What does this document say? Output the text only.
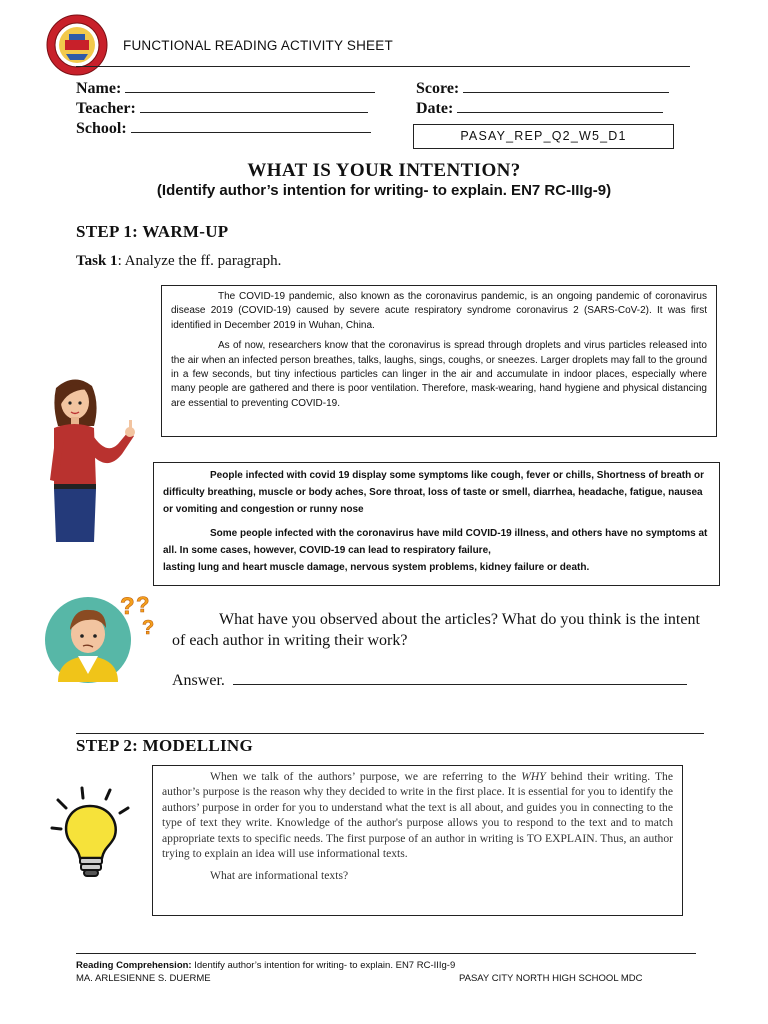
FUNCTIONAL READING ACTIVITY SHEET
Name:
Teacher:
School:
Score:
Date:
PASAY_REP_Q2_W5_D1
WHAT IS YOUR INTENTION?
(Identify author’s intention for writing- to explain. EN7 RC-IIIg-9)
STEP 1: WARM-UP
Task 1: Analyze the ff. paragraph.

The COVID-19 pandemic, also known as the coronavirus pandemic, is an ongoing pandemic of coronavirus disease 2019 (COVID-19) caused by severe acute respiratory syndrome coronavirus 2 (SARS-CoV-2). It was first identified in December 2019 in Wuhan, China.

As of now, researchers know that the coronavirus is spread through droplets and virus particles released into the air when an infected person breathes, talks, laughs, sings, coughs, or sneezes. Larger droplets may fall to the ground in a few seconds, but tiny infectious particles can linger in the air and accumulate in indoor places, especially where many people are gathered and there is poor ventilation. Therefore, mask-wearing, hand hygiene and physical distancing are essential to preventing COVID-19.

People infected with covid 19 display some symptoms like cough, fever or chills, Shortness of breath or difficulty breathing, muscle or body aches, Sore throat, loss of taste or smell, diarrhea, headache, fatigue, nausea or vomiting and congestion or runny nose

Some people infected with the coronavirus have mild COVID-19 illness, and others have no symptoms at all. In some cases, however, COVID-19 can lead to respiratory failure,

lasting lung and heart muscle damage, nervous system problems, kidney failure or death.
? ?
?	What have you observed about the articles? What do you think is the intent of each author in writing their work?
Answer.
STEP 2: MODELLING

When we talk of the authors’ purpose, we are referring to the WHY behind their writing. The author’s purpose is the reason why they decided to write in the first place. It is essential for you to identify the authors’ purpose in order for you to understand what the text is all about, and guides you in connecting to the type of text they write. Knowledge of the author's purpose allows you to respond to the text and to match appropriate texts to specific needs. The first purpose of an author in writing is TO EXPLAIN. Thus, an author trying to explain an idea will use informational texts.

What are informational texts?

Reading Comprehension: Identify author’s intention for writing- to explain. EN7 RC-IIIg-9
MA. ARLESIENNE S. DUERME	PASAY CITY NORTH HIGH SCHOOL MDC
